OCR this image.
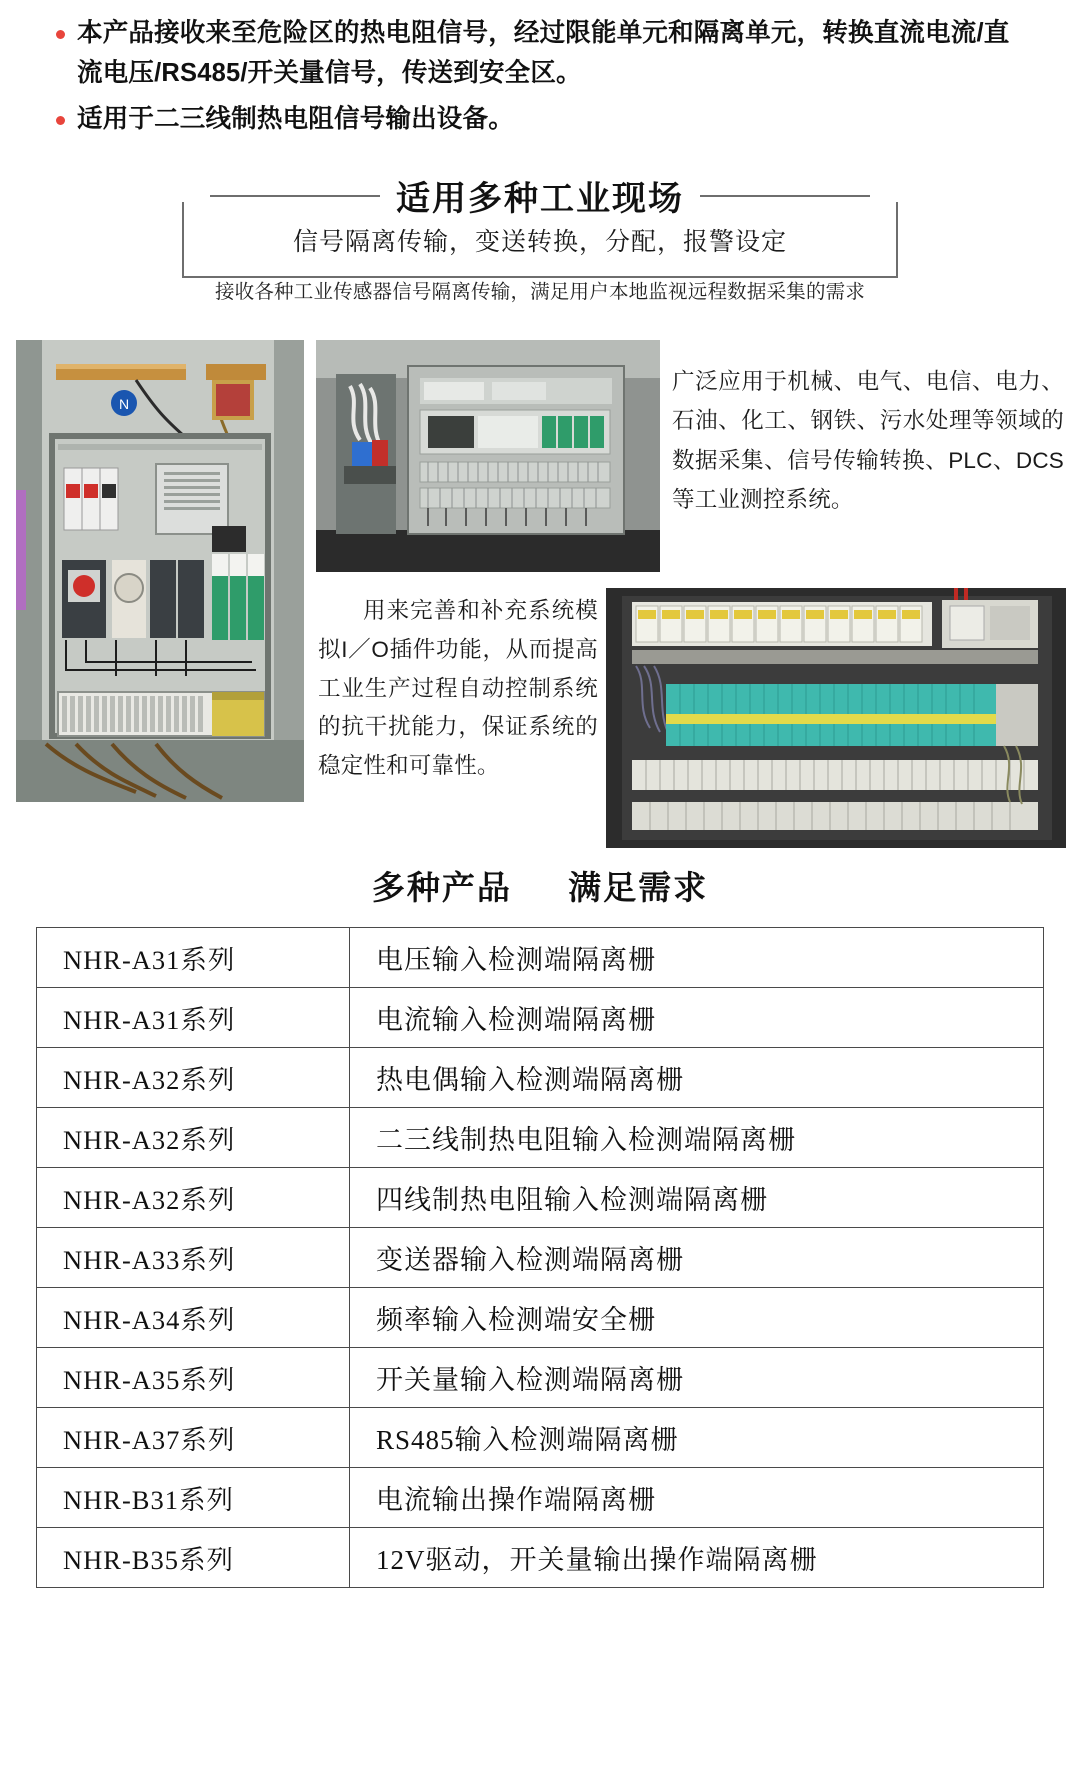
本产品接收来至危险区的热电阻信号，经过限能单元和隔离单元，转换直流电流/直流电压/RS485/开关量信号，传送到安全区。
适用于二三线制热电阻信号输出设备。
适用多种工业现场
信号隔离传输，变送转换，分配，报警设定
接收各种工业传感器信号隔离传输，满足用户本地监视远程数据采集的需求
N
广泛应用于机械、电气、电信、电力、石油、化工、钢铁、污水处理等领域的数据采集、信号传输转换、PLC、DCS等工业测控系统。
用来完善和补充系统模拟I／O插件功能，从而提高工业生产过程自动控制系统的抗干扰能力，保证系统的稳定性和可靠性。
多种产品 满足需求
NHR-A31系列	电压输入检测端隔离栅
NHR-A31系列	电流输入检测端隔离栅
NHR-A32系列	热电偶输入检测端隔离栅
NHR-A32系列	二三线制热电阻输入检测端隔离栅
NHR-A32系列	四线制热电阻输入检测端隔离栅
NHR-A33系列	变送器输入检测端隔离栅
NHR-A34系列	频率输入检测端安全栅
NHR-A35系列	开关量输入检测端隔离栅
NHR-A37系列	RS485输入检测端隔离栅
NHR-B31系列	电流输出操作端隔离栅
NHR-B35系列	12V驱动，开关量输出操作端隔离栅
